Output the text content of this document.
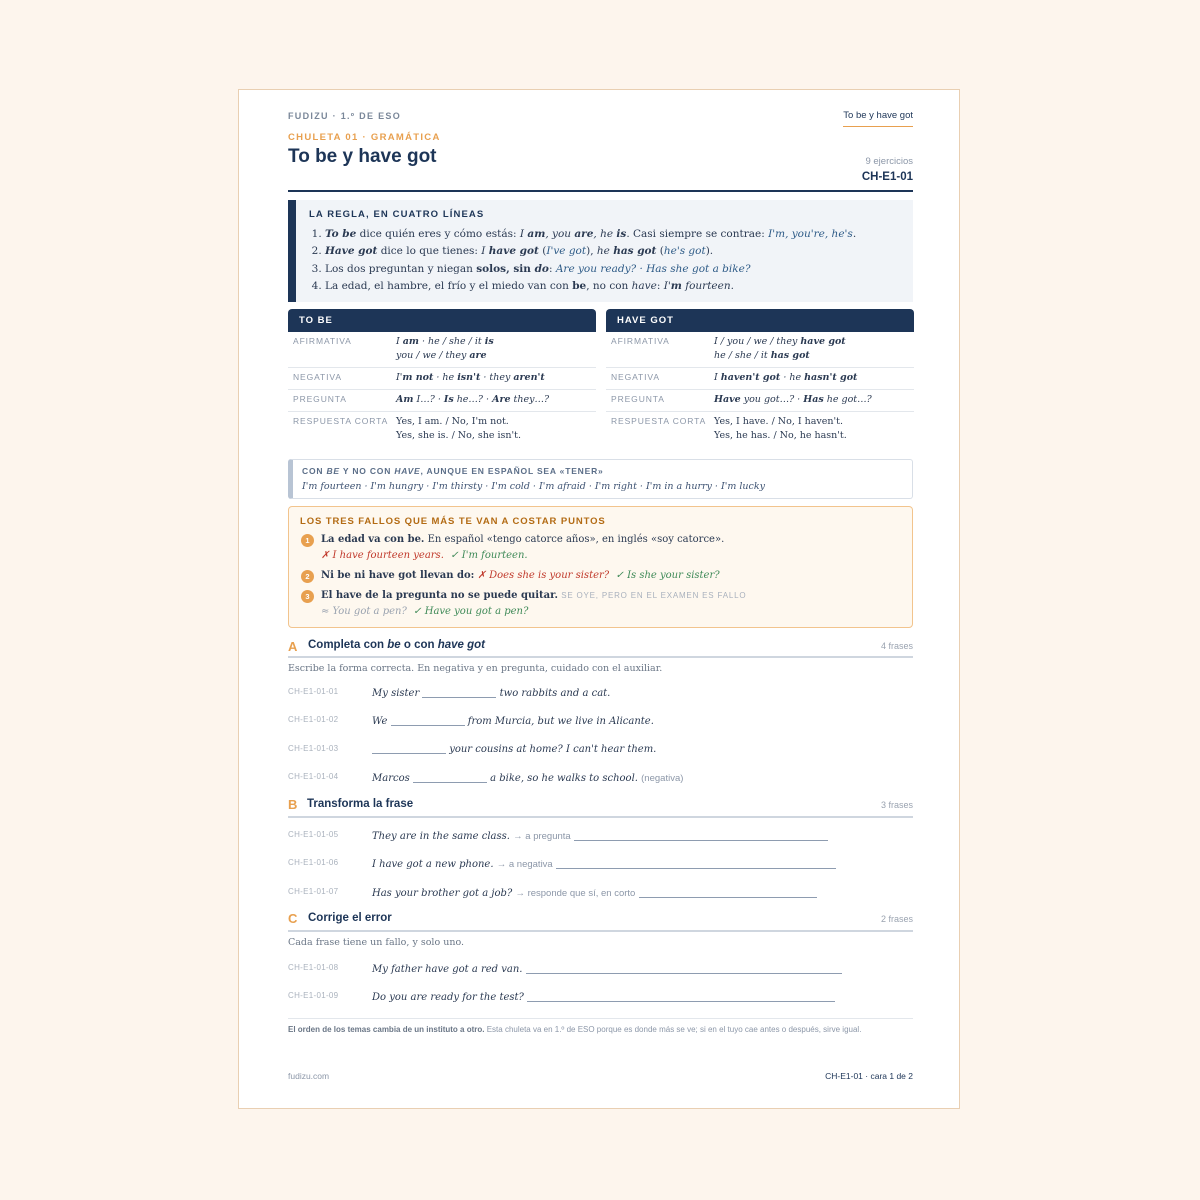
FUDIZU · 1.º DE ESO	To be y have got
CHULETA 01 · GRAMÁTICA
To be y have got	9 ejercicios
CH-E1-01
LA REGLA, EN CUATRO LÍNEAS
1. To be dice quién eres y cómo estás: I am, you are, he is. Casi siempre se contrae: I'm, you're, he's.
2. Have got dice lo que tienes: I have got (I've got), he has got (he's got).
3. Los dos preguntan y niegan solos, sin do: Are you ready? · Has she got a bike?
4. La edad, el hambre, el frío y el miedo van con be, no con have: I'm fourteen.
TO BE
AFIRMATIVA	I am · he / she / it is
you / we / they are
NEGATIVA	I'm not · he isn't · they aren't
PREGUNTA	Am I…? · Is he…? · Are they…?
RESPUESTA CORTA Yes, I am. / No, I'm not.
Yes, she is. / No, she isn't.
HAVE GOT
AFIRMATIVA	I / you / we / they have got
he / she / it has got
NEGATIVA	I haven't got · he hasn't got
PREGUNTA	Have you got…? · Has he got…?
RESPUESTA CORTA Yes, I have. / No, I haven't.
Yes, he has. / No, he hasn't.
CON BE Y NO CON HAVE, AUNQUE EN ESPAÑOL SEA «TENER»
I'm fourteen · I'm hungry · I'm thirsty · I'm cold · I'm afraid · I'm right · I'm in a hurry · I'm lucky
LOS TRES FALLOS QUE MÁS TE VAN A COSTAR PUNTOS
1	La edad va con be. En español «tengo catorce años», en inglés «soy catorce».
✗ I have fourteen years. ✓ I'm fourteen.
2	Ni be ni have got llevan do: ✗ Does she is your sister? ✓ Is she your sister?
3	El have de la pregunta no se puede quitar. SE OYE, PERO EN EL EXAMEN ES FALLO
≈ You got a pen? ✓ Have you got a pen?
A Completa con be o con have got	4 frases
Escribe la forma correcta. En negativa y en pregunta, cuidado con el auxiliar.
CH-E1-01-01	My sister	two rabbits and a cat.
CH-E1-01-02	We	from Murcia, but we live in Alicante.
CH-E1-01-03	your cousins at home? I can't hear them.
CH-E1-01-04	Marcos	a bike, so he walks to school. (negativa)
B Transforma la frase	3 frases
CH-E1-01-05	They are in the same class. → a pregunta
CH-E1-01-06	I have got a new phone. → a negativa
CH-E1-01-07	Has your brother got a job? → responde que sí, en corto
C Corrige el error	2 frases
Cada frase tiene un fallo, y solo uno.
CH-E1-01-08	My father have got a red van.
CH-E1-01-09	Do you are ready for the test?
El orden de los temas cambia de un instituto a otro. Esta chuleta va en 1.º de ESO porque es donde más se ve; si en el tuyo cae antes o después, sirve igual.
fudizu.com	CH-E1-01 · cara 1 de 2
